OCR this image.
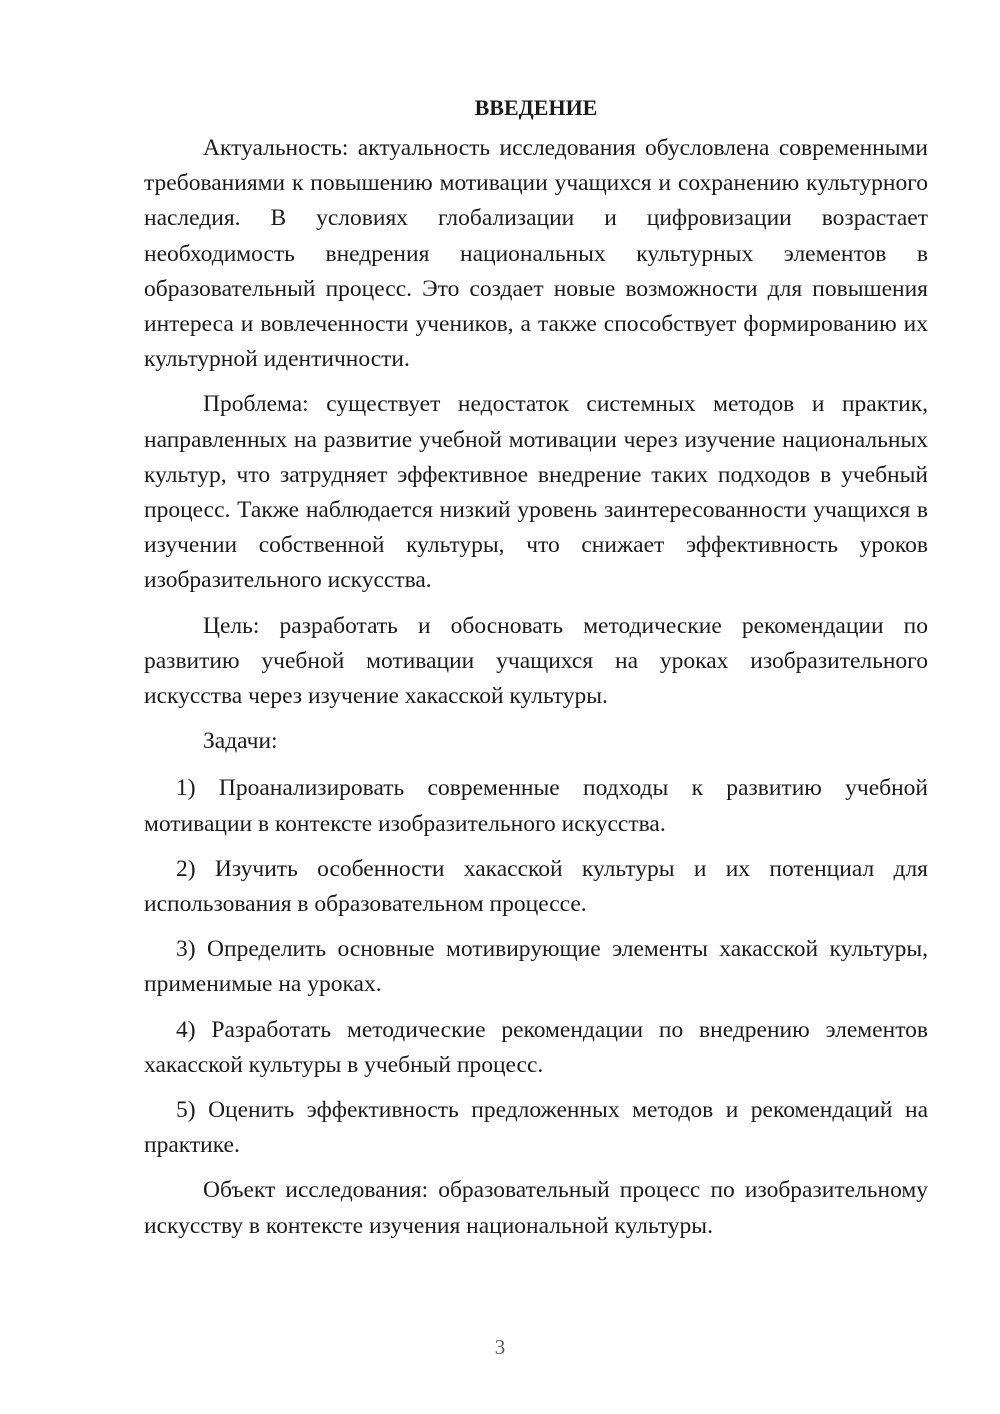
ВВЕДЕНИЕ

Актуальность: актуальность исследования обусловлена современными требованиями к повышению мотивации учащихся и сохранению культурного наследия. В условиях глобализации и цифровизации возрастает необходимость внедрения национальных культурных элементов в образовательный процесс. Это создает новые возможности для повышения интереса и вовлеченности учеников, а также способствует формированию их культурной идентичности.

Проблема: существует недостаток системных методов и практик, направленных на развитие учебной мотивации через изучение национальных культур, что затрудняет эффективное внедрение таких подходов в учебный процесс. Также наблюдается низкий уровень заинтересованности учащихся в изучении собственной культуры, что снижает эффективность уроков изобразительного искусства.

Цель: разработать и обосновать методические рекомендации по развитию учебной мотивации учащихся на уроках изобразительного искусства через изучение хакасской культуры.

Задачи:

1) Проанализировать современные подходы к развитию учебной мотивации в контексте изобразительного искусства.

2) Изучить особенности хакасской культуры и их потенциал для использования в образовательном процессе.

3) Определить основные мотивирующие элементы хакасской культуры, применимые на уроках.

4) Разработать методические рекомендации по внедрению элементов хакасской культуры в учебный процесс.

5) Оценить эффективность предложенных методов и рекомендаций на практике.

Объект исследования: образовательный процесс по изобразительному искусству в контексте изучения национальной культуры.

3
